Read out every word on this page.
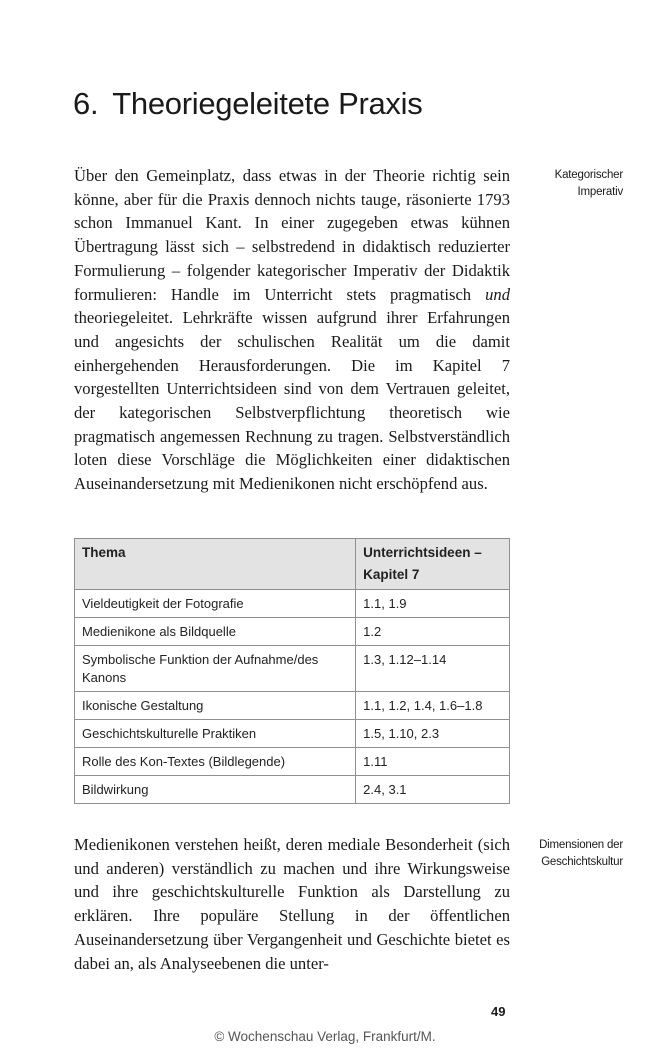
6. Theoriegeleitete Praxis

Über den Gemeinplatz, dass etwas in der Theorie richtig sein könne, aber für die Praxis dennoch nichts tauge, räsonierte 1793 schon Immanuel Kant. In einer zugegeben etwas kühnen Übertragung lässt sich – selbstredend in didaktisch reduzierter Formulierung – folgender kategorischer Imperativ der Didaktik formulieren: Handle im Unterricht stets pragmatisch und theoriegeleitet. Lehrkräfte wissen aufgrund ihrer Erfahrungen und angesichts der schulischen Realität um die damit einhergehenden Herausforderungen. Die im Kapitel 7 vorgestellten Unterrichtsideen sind von dem Vertrauen geleitet, der kategorischen Selbstverpflichtung theoretisch wie pragmatisch angemessen Rechnung zu tragen. Selbstverständlich loten diese Vorschläge die Möglichkeiten einer didaktischen Auseinandersetzung mit Medienikonen nicht erschöpfend aus.

Kategorischer
Imperativ
Thema	Unterrichtsideen –
Kapitel 7
Vieldeutigkeit der Fotografie	1.1, 1.9
Medienikone als Bildquelle	1.2
Symbolische Funktion der Aufnahme/des Kanons	1.3, 1.12–1.14
Ikonische Gestaltung	1.1, 1.2, 1.4, 1.6–1.8
Geschichtskulturelle Praktiken	1.5, 1.10, 2.3
Rolle des Kon-Textes (Bildlegende)	1.11
Bildwirkung	2.4, 3.1

Medienikonen verstehen heißt, deren mediale Besonderheit (sich und anderen) verständlich zu machen und ihre Wirkungsweise und ihre geschichtskulturelle Funktion als Darstellung zu erklären. Ihre populäre Stellung in der öffentlichen Auseinandersetzung über Vergangenheit und Geschichte bietet es dabei an, als Analyseebenen die unter-

Dimensionen der
Geschichtskultur
49
© Wochenschau Verlag, Frankfurt/M.
